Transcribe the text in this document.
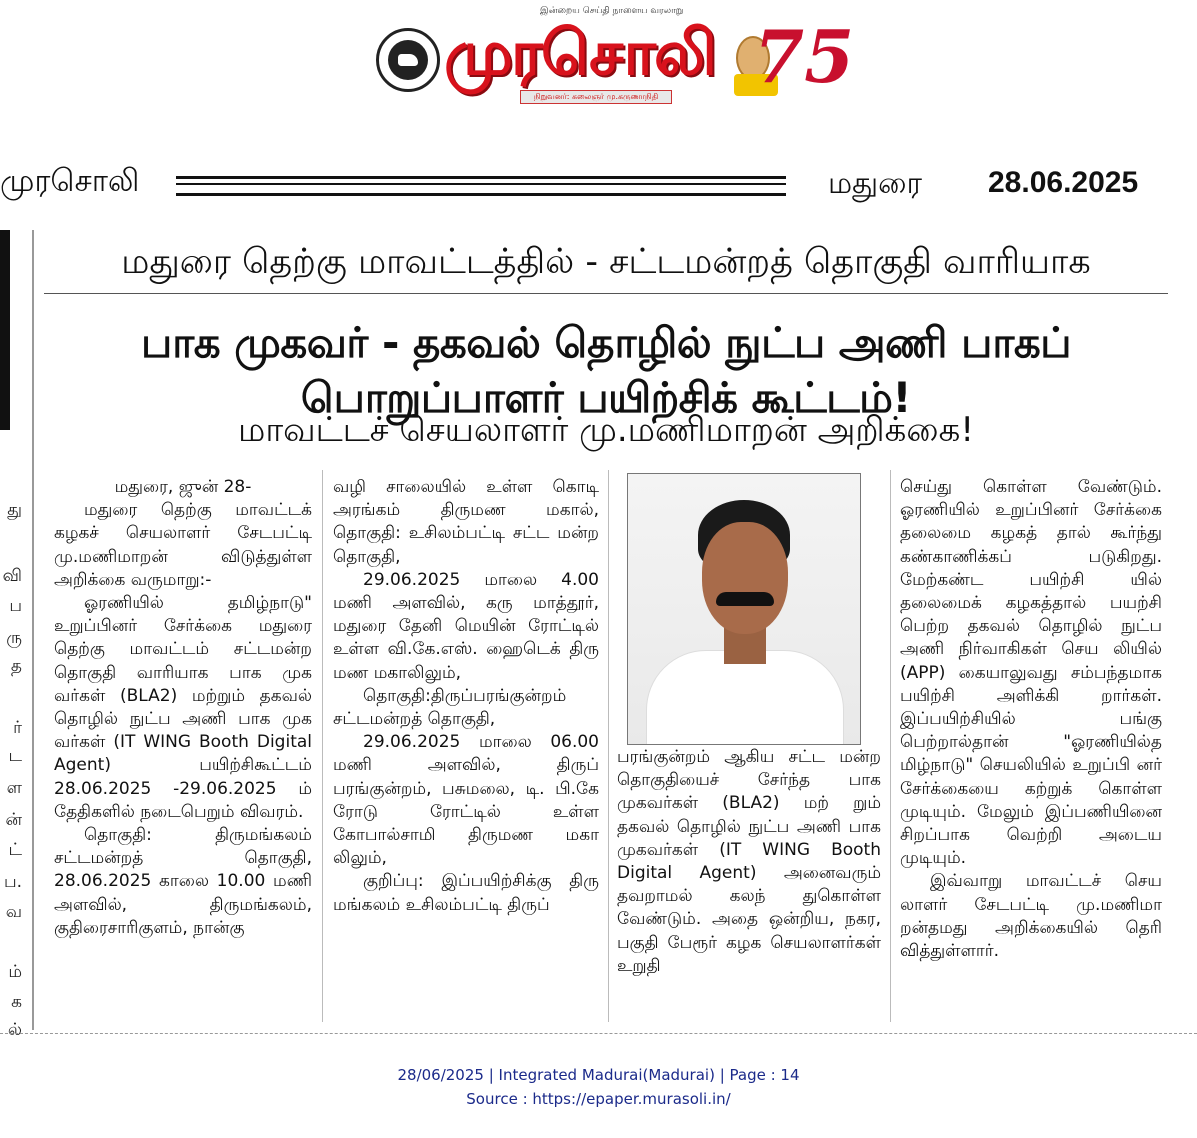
இன்றைய செய்தி நாளைய வரலாறு
முரசொலி
நிறுவனர்: கலைஞர் மு.கருணாநிதி 75
முரசொலி	மதுரை 28.06.2025
து
வி
ப
ரு
த
ர்
ட
ள
ன்
ட்
ப.
வ
ம்
க
ல்
மதுரை தெற்கு மாவட்டத்தில் - சட்டமன்றத் தொகுதி வாரியாக
பாக முகவர் - தகவல் தொழில் நுட்ப அணி பாகப் பொறுப்பாளர் பயிற்சிக் கூட்டம்!
மாவட்டச் செயலாளர் மு.மணிமாறன் அறிக்கை!

மதுரை, ஜுன் 28-

மதுரை தெற்கு மாவட்டக் கழகச் செயலாளர் சேடபட்டி மு.மணிமாறன் விடுத்துள்ள அறிக்கை வருமாறு:-

ஓரணியில் தமிழ்நாடு" உறுப்பினர் சேர்க்கை மதுரை தெற்கு மாவட்டம் சட்டமன்ற தொகுதி வாரியாக பாக முக வர்கள் (BLA2) மற்றும் தகவல் தொழில் நுட்ப அணி பாக முக வர்கள் (IT WING Booth Digital Agent) பயிற்சிகூட்டம் 28.06.2025 -29.06.2025 ம் தேதிகளில் நடைபெறும் விவரம்.

தொகுதி: திருமங்கலம் சட்டமன்றத் தொகுதி, 28.06.2025 காலை 10.00 மணி அளவில், திருமங்கலம், குதிரைசாரிகுளம், நான்கு

வழி சாலையில் உள்ள கொடி அரங்கம் திருமண மகால், தொகுதி: உசிலம்பட்டி சட்ட மன்ற தொகுதி,

29.06.2025 மாலை 4.00 மணி அளவில், கரு மாத்தூர், மதுரை தேனி மெயின் ரோட்டில் உள்ள வி.கே.எஸ். ஹைடெக் திரு மண மகாலிலும்,

தொகுதி:திருப்பரங்குன்றம் சட்டமன்றத் தொகுதி,

29.06.2025 மாலை 06.00 மணி அளவில், திருப் பரங்குன்றம், பசுமலை, டி. பி.கே ரோடு ரோட்டில் உள்ள கோபால்சாமி திருமண மகா லிலும்,

குறிப்பு: இப்பயிற்சிக்கு திரு மங்கலம் உசிலம்பட்டி திருப்

பரங்குன்றம் ஆகிய சட்ட மன்ற தொகுதியைச் சேர்ந்த பாக முகவர்கள் (BLA2) மற் றும் தகவல் தொழில் நுட்ப அணி பாக முகவர்கள் (IT WING Booth Digital Agent) அனைவரும் தவறாமல் கலந் துகொள்ள வேண்டும். அதை ஒன்றிய, நகர, பகுதி பேரூர் கழக செயலாளர்கள் உறுதி

செய்து கொள்ள வேண்டும். ஓரணியில் உறுப்பினர் சேர்க்கை தலைமை கழகத் தால் கூர்ந்து கண்காணிக்கப் படுகிறது. மேற்கண்ட பயிற்சி யில் தலைமைக் கழகத்தால் பயற்சி பெற்ற தகவல் தொழில் நுட்ப அணி நிர்வாகிகள் செய லியில் (APP) கையாலுவது சம்பந்தமாக பயிற்சி அளிக்கி றார்கள். இப்பயிற்சியில் பங்கு பெற்றால்தான் "ஓரணியில்த மிழ்நாடு" செயலியில் உறுப்பி னர் சேர்க்கையை கற்றுக் கொள்ள முடியும். மேலும் இப்பணியினை சிறப்பாக வெற்றி அடைய முடியும்.

இவ்வாறு மாவட்டச் செய லாளர் சேடபட்டி மு.மணிமா றன்தமது அறிக்கையில் தெரி வித்துள்ளார்.

28/06/2025 | Integrated Madurai(Madurai) | Page : 14
Source : https://epaper.murasoli.in/
